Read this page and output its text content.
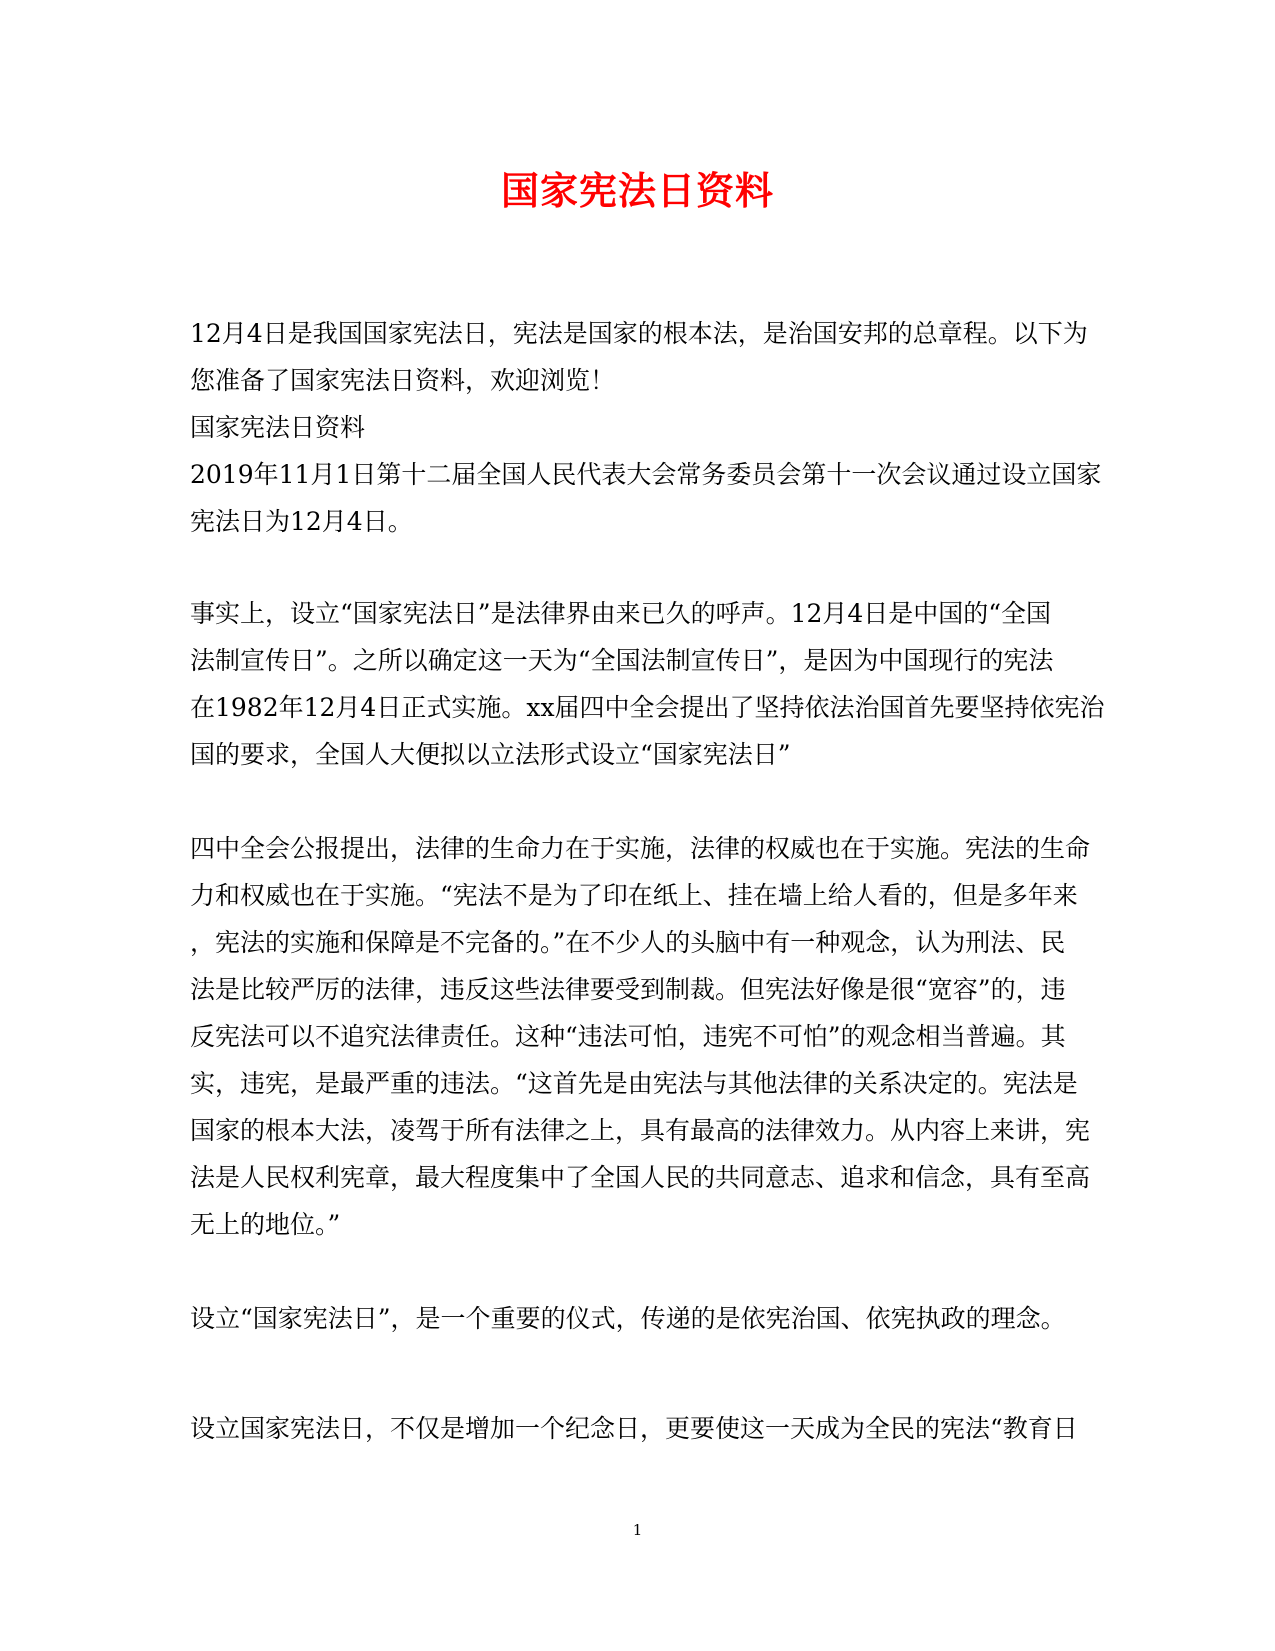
国家宪法日资料
12月4日是我国国家宪法日，宪法是国家的根本法，是治国安邦的总章程。以下为
您准备了国家宪法日资料，欢迎浏览！
国家宪法日资料
2019年11月1日第十二届全国人民代表大会常务委员会第十一次会议通过设立国家
宪法日为12月4日。
事实上，设立“国家宪法日”是法律界由来已久的呼声。12月4日是中国的“全国
法制宣传日”。之所以确定这一天为“全国法制宣传日”，是因为中国现行的宪法
在1982年12月4日正式实施。xx届四中全会提出了坚持依法治国首先要坚持依宪治
国的要求，全国人大便拟以立法形式设立“国家宪法日”
四中全会公报提出，法律的生命力在于实施，法律的权威也在于实施。宪法的生命
力和权威也在于实施。“宪法不是为了印在纸上、挂在墙上给人看的，但是多年来
，宪法的实施和保障是不完备的。”在不少人的头脑中有一种观念，认为刑法、民
法是比较严厉的法律，违反这些法律要受到制裁。但宪法好像是很“宽容”的，违
反宪法可以不追究法律责任。这种“违法可怕，违宪不可怕”的观念相当普遍。其
实，违宪，是最严重的违法。“这首先是由宪法与其他法律的关系决定的。宪法是
国家的根本大法，凌驾于所有法律之上，具有最高的法律效力。从内容上来讲，宪
法是人民权利宪章，最大程度集中了全国人民的共同意志、追求和信念，具有至高
无上的地位。”
设立“国家宪法日”，是一个重要的仪式，传递的是依宪治国、依宪执政的理念。
设立国家宪法日，不仅是增加一个纪念日，更要使这一天成为全民的宪法“教育日
1
